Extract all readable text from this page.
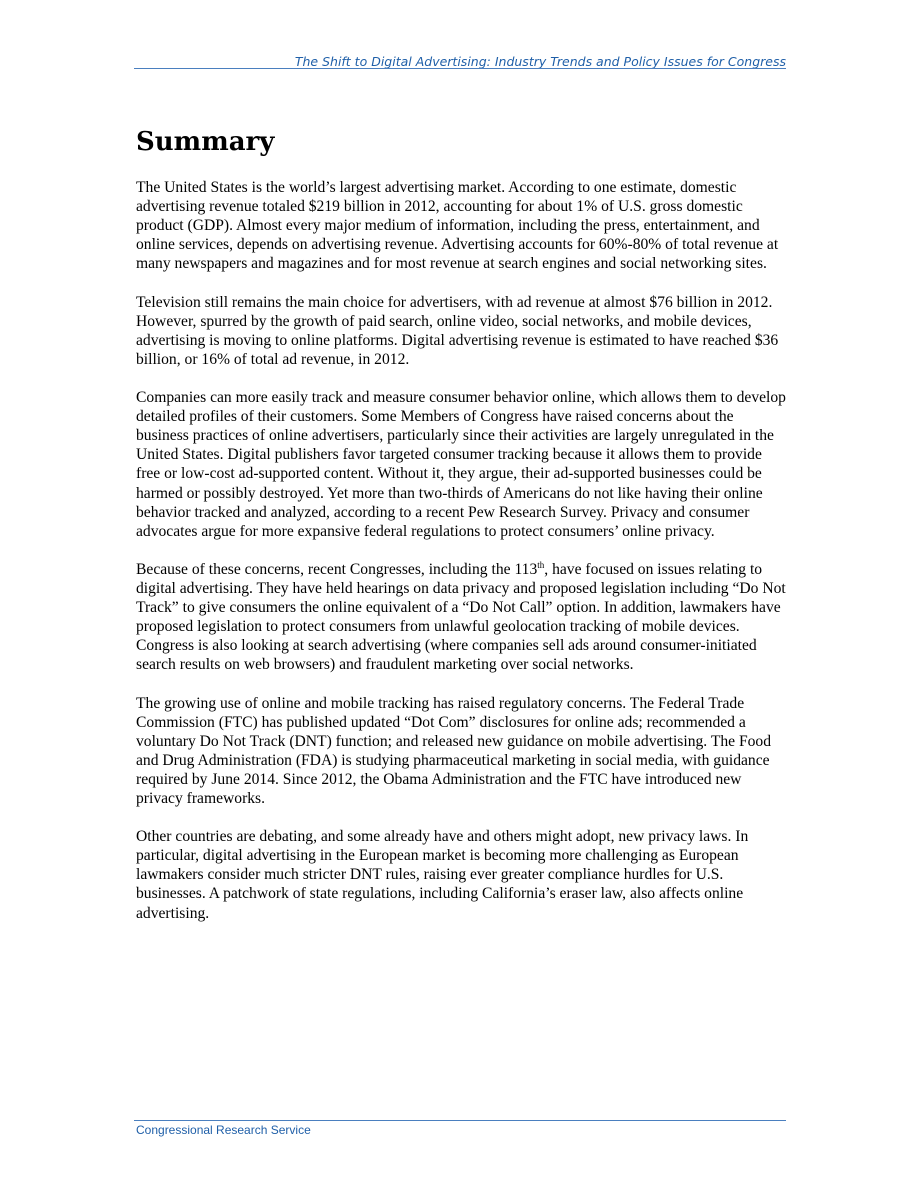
The Shift to Digital Advertising: Industry Trends and Policy Issues for Congress
Summary

The United States is the world’s largest advertising market. According to one estimate, domestic advertising revenue totaled $219 billion in 2012, accounting for about 1% of U.S. gross domestic product (GDP). Almost every major medium of information, including the press, entertainment, and online services, depends on advertising revenue. Advertising accounts for 60%-80% of total revenue at many newspapers and magazines and for most revenue at search engines and social networking sites.

Television still remains the main choice for advertisers, with ad revenue at almost $76 billion in 2012. However, spurred by the growth of paid search, online video, social networks, and mobile devices, advertising is moving to online platforms. Digital advertising revenue is estimated to have reached $36 billion, or 16% of total ad revenue, in 2012.

Companies can more easily track and measure consumer behavior online, which allows them to develop detailed profiles of their customers. Some Members of Congress have raised concerns about the business practices of online advertisers, particularly since their activities are largely unregulated in the United States. Digital publishers favor targeted consumer tracking because it allows them to provide free or low-cost ad-supported content. Without it, they argue, their ad-supported businesses could be harmed or possibly destroyed. Yet more than two-thirds of Americans do not like having their online behavior tracked and analyzed, according to a recent Pew Research Survey. Privacy and consumer advocates argue for more expansive federal regulations to protect consumers’ online privacy.

Because of these concerns, recent Congresses, including the 113th, have focused on issues relating to digital advertising. They have held hearings on data privacy and proposed legislation including “Do Not Track” to give consumers the online equivalent of a “Do Not Call” option. In addition, lawmakers have proposed legislation to protect consumers from unlawful geolocation tracking of mobile devices. Congress is also looking at search advertising (where companies sell ads around consumer-initiated search results on web browsers) and fraudulent marketing over social networks.

The growing use of online and mobile tracking has raised regulatory concerns. The Federal Trade Commission (FTC) has published updated “Dot Com” disclosures for online ads; recommended a voluntary Do Not Track (DNT) function; and released new guidance on mobile advertising. The Food and Drug Administration (FDA) is studying pharmaceutical marketing in social media, with guidance required by June 2014. Since 2012, the Obama Administration and the FTC have introduced new privacy frameworks.

Other countries are debating, and some already have and others might adopt, new privacy laws. In particular, digital advertising in the European market is becoming more challenging as European lawmakers consider much stricter DNT rules, raising ever greater compliance hurdles for U.S. businesses. A patchwork of state regulations, including California’s eraser law, also affects online advertising.

Congressional Research Service
